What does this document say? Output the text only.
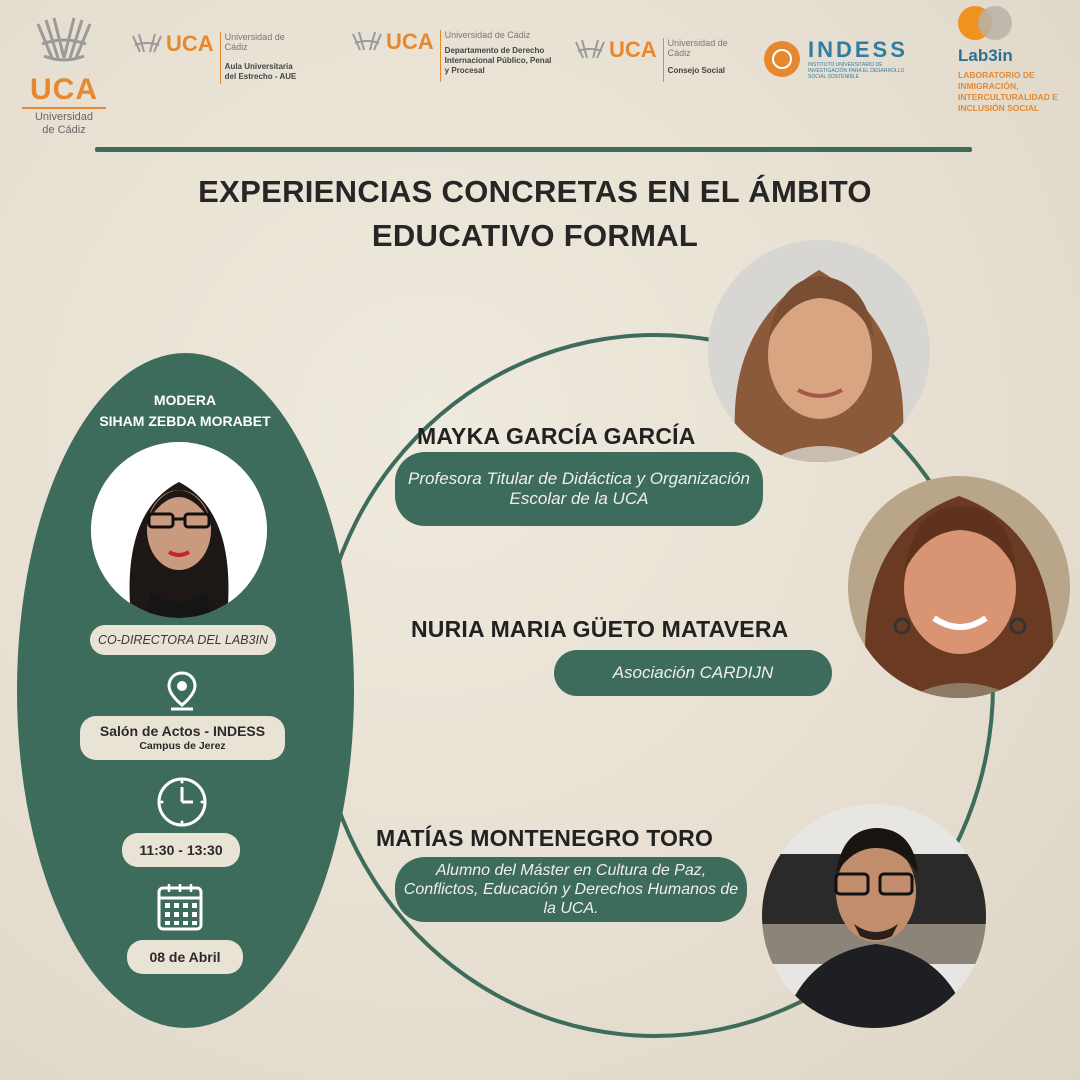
UCA
Universidad
de Cádiz
UCA Universidad de Cádiz
Aula Universitaria del Estrecho - AUE
UCA Universidad de Cádiz
Departamento de Derecho Internacional Público, Penal y Procesal
UCA Universidad de Cádiz
Consejo Social
INDESS
INSTITUTO UNIVERSITARIO DE INVESTIGACIÓN PARA EL DESARROLLO SOCIAL SOSTENIBLE
Lab3in
LABORATORIO DE INMIGRACIÓN, INTERCULTURALIDAD E INCLUSIÓN SOCIAL
EXPERIENCIAS CONCRETAS EN EL ÁMBITO
EDUCATIVO FORMAL
MODERA
SIHAM ZEBDA MORABET
CO-DIRECTORA DEL LAB3IN
Salón de Actos - INDESS
Campus de Jerez
11:30 - 13:30
08 de Abril
MAYKA GARCÍA GARCÍA
Profesora Titular de Didáctica y Organización Escolar de la UCA
NURIA MARIA GÜETO MATAVERA
Asociación CARDIJN
MATÍAS MONTENEGRO TORO
Alumno del Máster en Cultura de Paz, Conflictos, Educación y Derechos Humanos de la UCA.
